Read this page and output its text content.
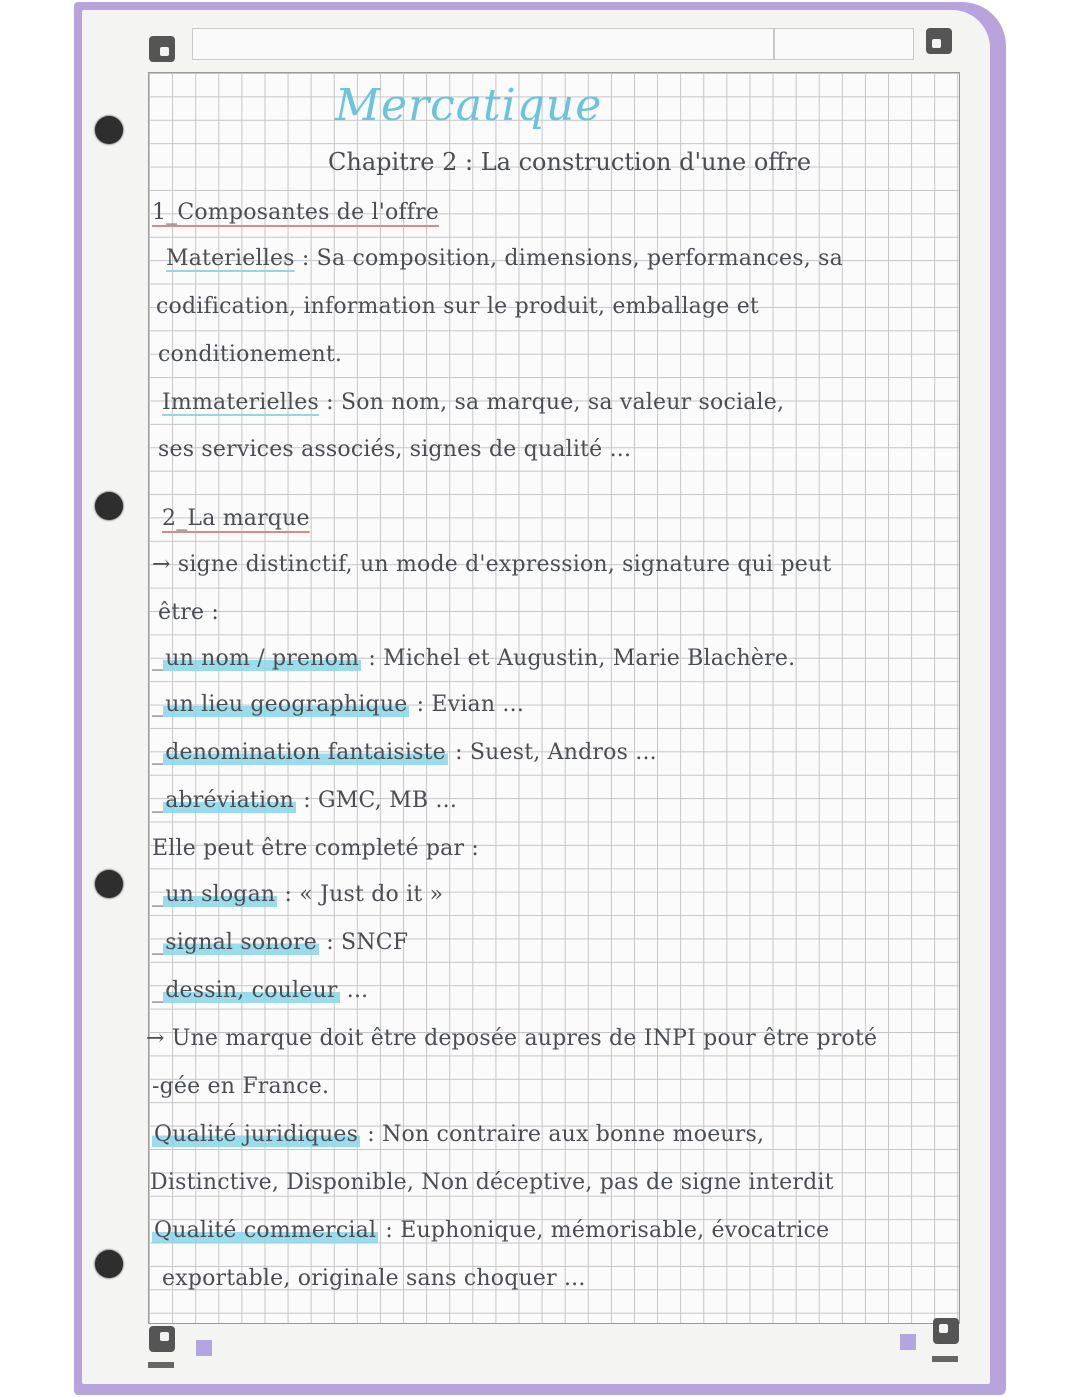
Mercatique
Chapitre 2 : La construction d'une offre
1_Composantes de l'offre
Materielles : Sa composition, dimensions, performances, sa
codification, information sur le produit, emballage et
conditionement.
Immaterielles : Son nom, sa marque, sa valeur sociale,
ses services associés, signes de qualité ...
2_La marque
→ signe distinctif, un mode d'expression, signature qui peut
être :
_un nom / prenom : Michel et Augustin, Marie Blachère.
_un lieu geographique : Evian ...
_denomination fantaisiste : Suest, Andros ...
_abréviation : GMC, MB ...
Elle peut être completé par :
_un slogan : « Just do it »
_signal sonore : SNCF
_dessin, couleur ...
→ Une marque doit être deposée aupres de INPI pour être proté
-gée en France.
Qualité juridiques : Non contraire aux bonne moeurs,
Distinctive, Disponible, Non déceptive, pas de signe interdit
Qualité commercial : Euphonique, mémorisable, évocatrice
exportable, originale sans choquer ...
